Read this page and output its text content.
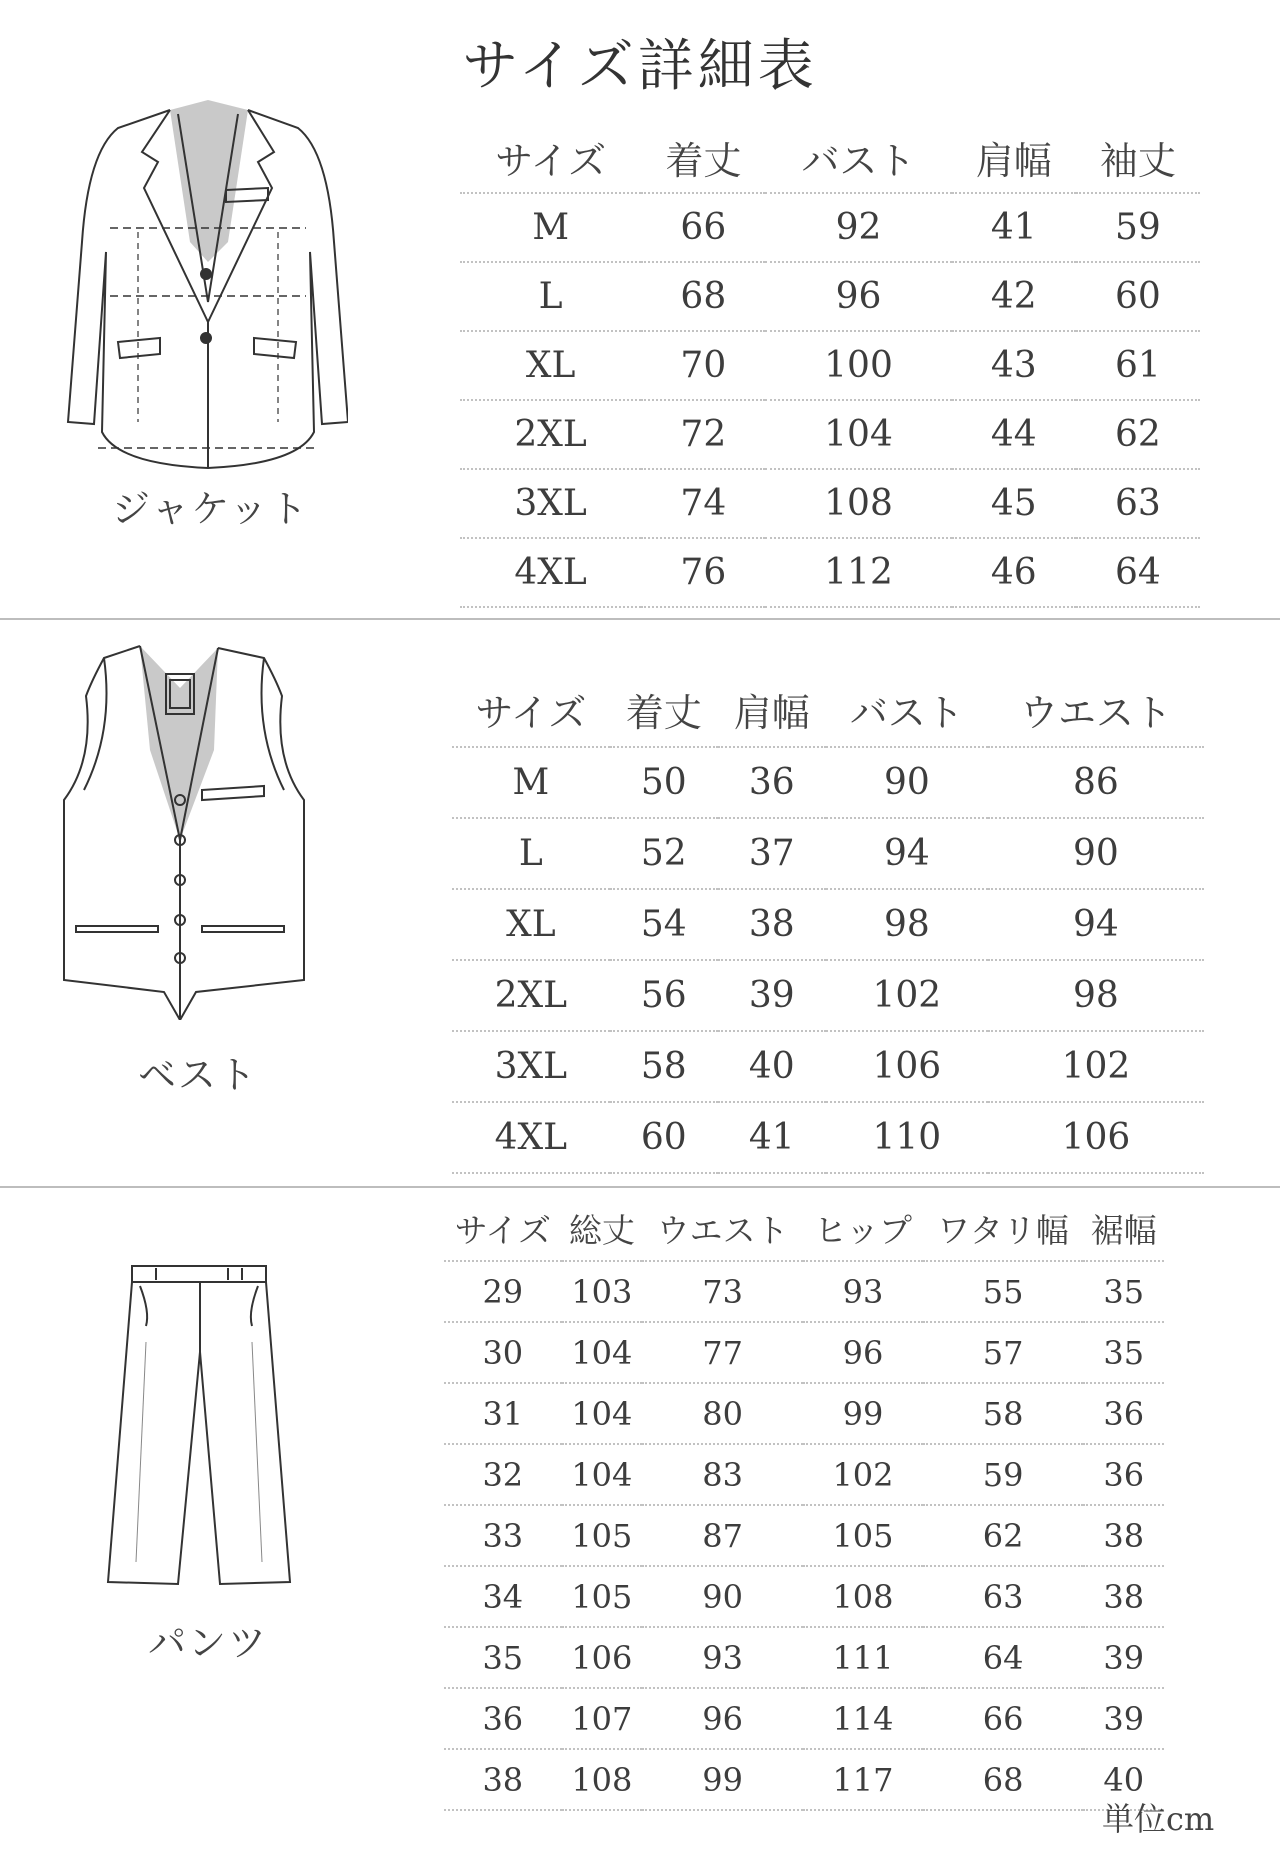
サイズ詳細表
ジャケット
サイズ	着丈	バスト	肩幅	袖丈
M	66	92	41	59
L	68	96	42	60
XL	70	100	43	61
2XL	72	104	44	62
3XL	74	108	45	63
4XL	76	112	46	64
ベスト
サイズ	着丈	肩幅	バスト	ウエスト
M	50	36	90	86
L	52	37	94	90
XL	54	38	98	94
2XL	56	39	102	98
3XL	58	40	106	102
4XL	60	41	110	106
パンツ
サイズ	総丈	ウエスト	ヒップ	ワタリ幅	裾幅
29	103	73	93	55	35
30	104	77	96	57	35
31	104	80	99	58	36
32	104	83	102	59	36
33	105	87	105	62	38
34	105	90	108	63	38
35	106	93	111	64	39
36	107	96	114	66	39
38	108	99	117	68	40
単位cm
